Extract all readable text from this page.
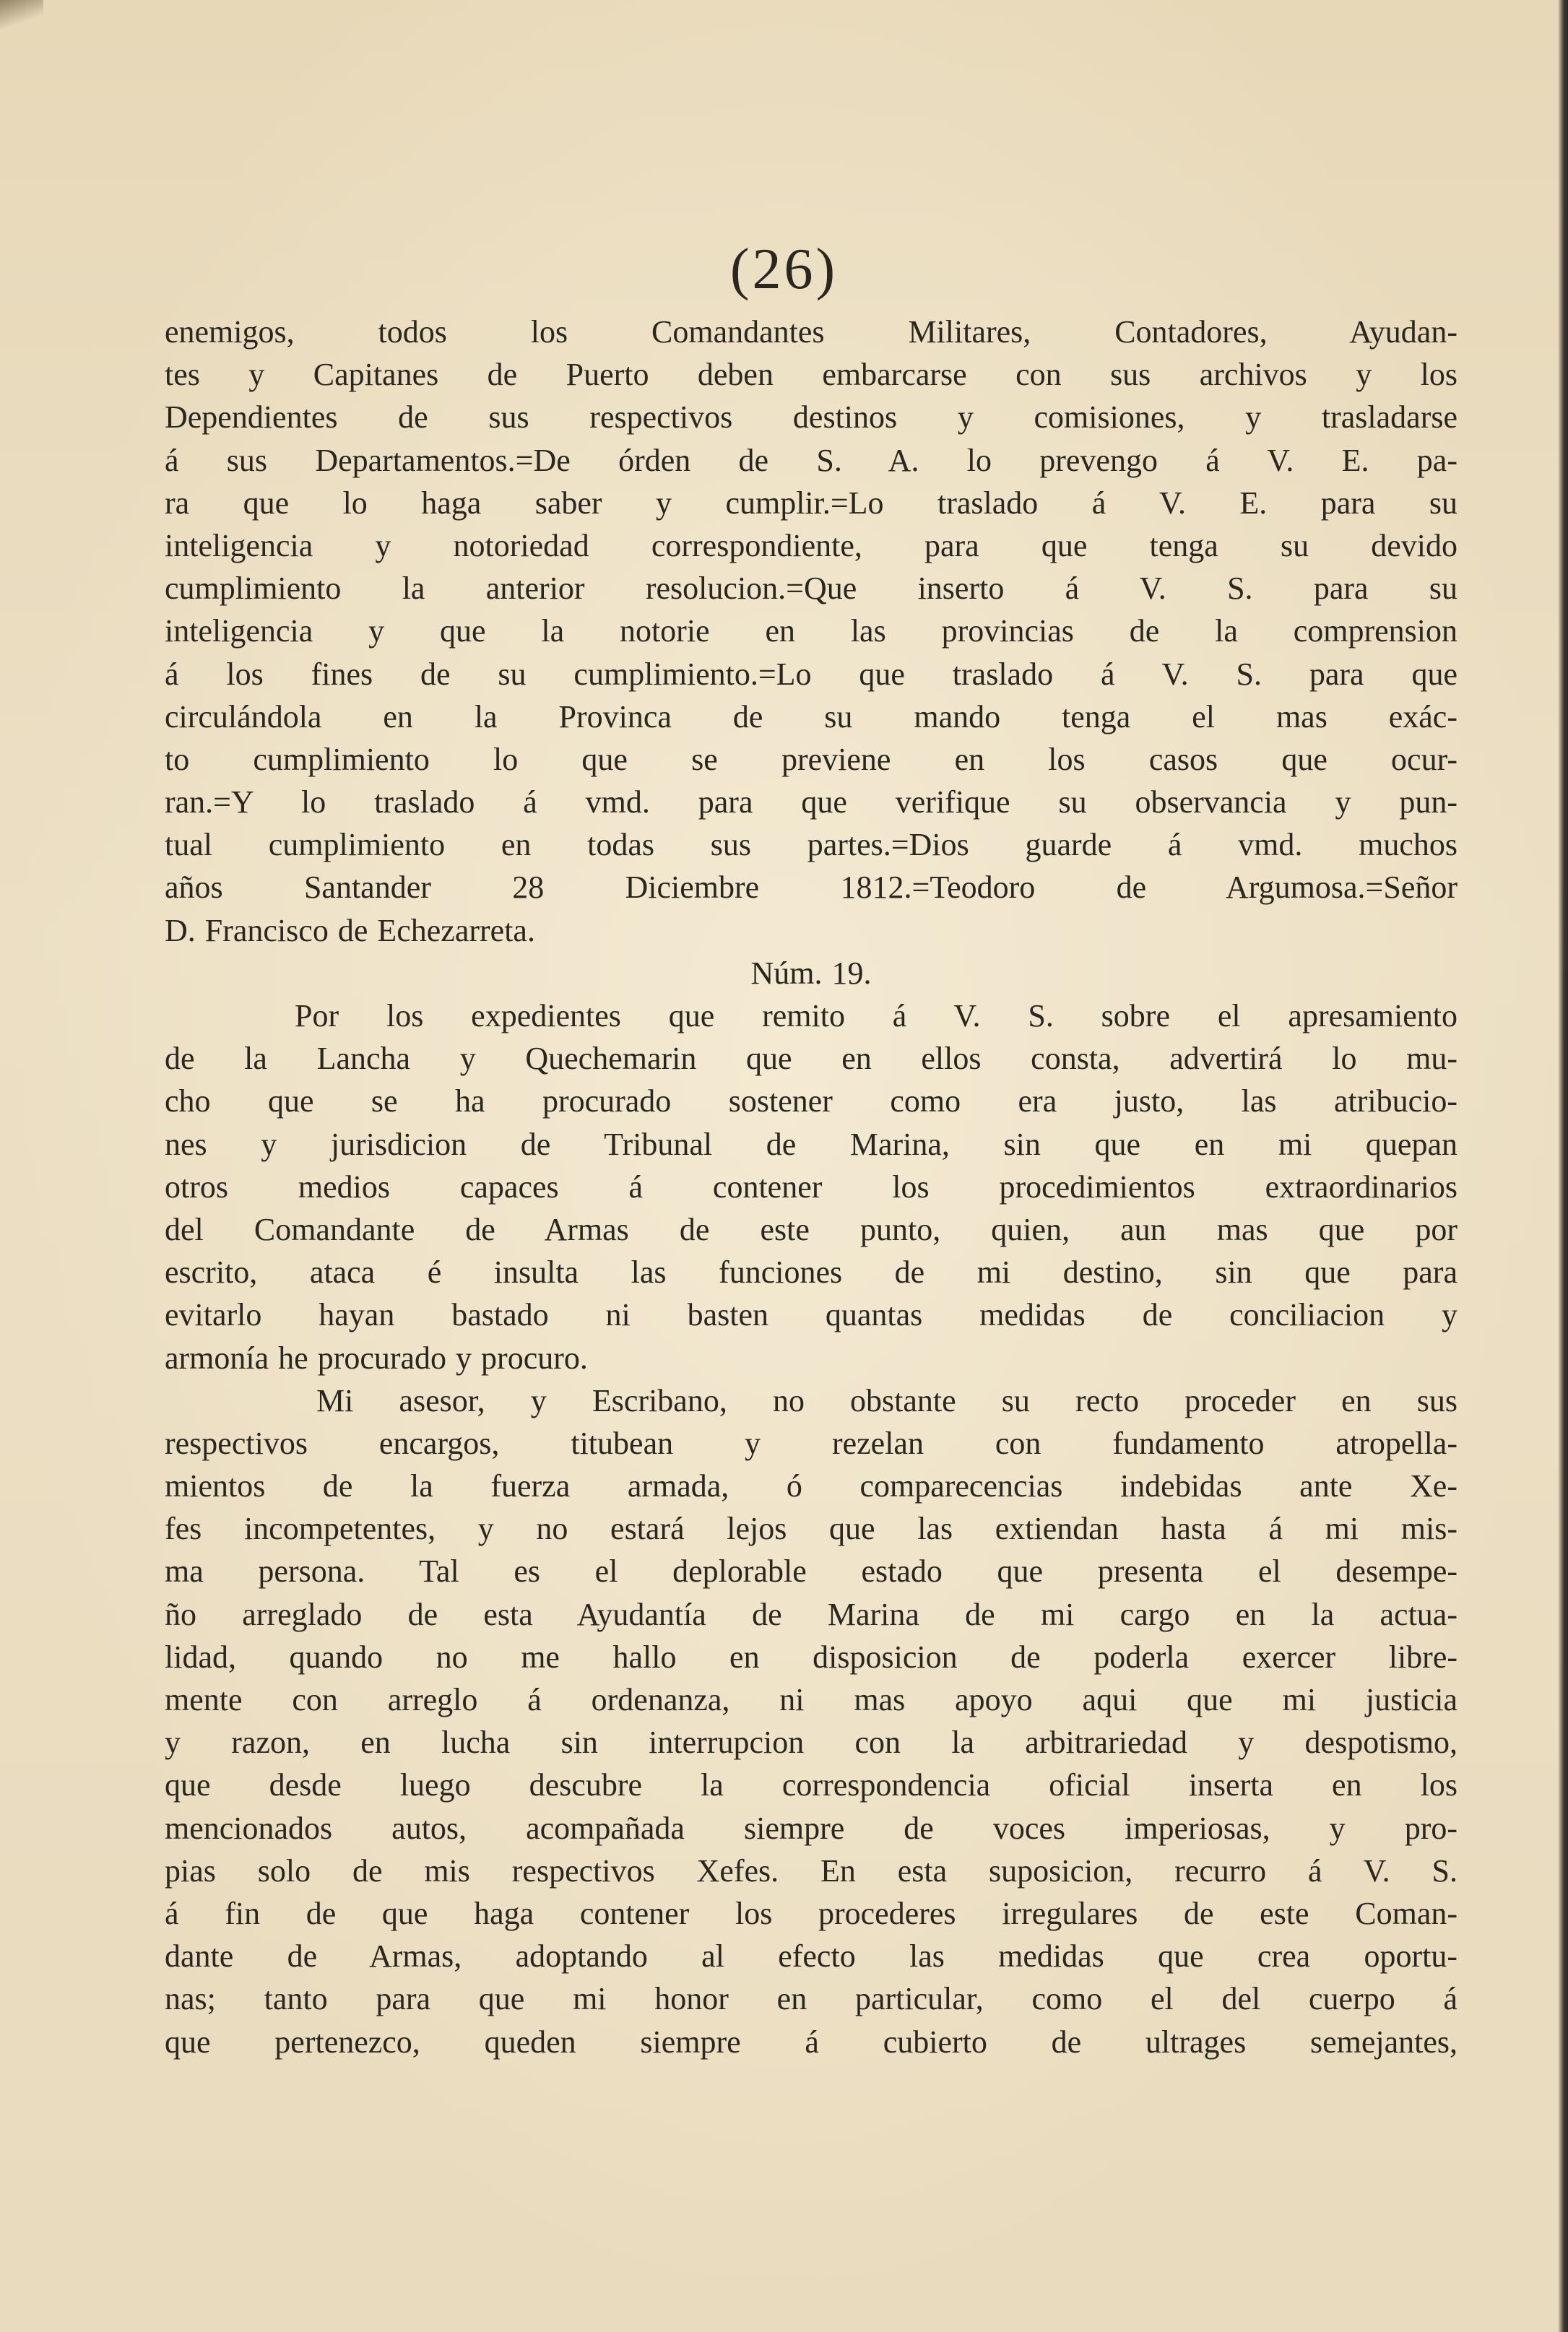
(26)
enemigos, todos los Comandantes Militares, Contadores, Ayudan-
tes y Capitanes de Puerto deben embarcarse con sus archivos y los
Dependientes de sus respectivos destinos y comisiones, y trasladarse
á sus Departamentos.=De órden de S. A. lo prevengo á V. E. pa-
ra que lo haga saber y cumplir.=Lo traslado á V. E. para su
inteligencia y notoriedad correspondiente, para que tenga su devido
cumplimiento la anterior resolucion.=Que inserto á V. S. para su
inteligencia y que la notorie en las provincias de la comprension
á los fines de su cumplimiento.=Lo que traslado á V. S. para que
circulándola en la Provinca de su mando tenga el mas exác-
to cumplimiento lo que se previene en los casos que ocur-
ran.=Y lo traslado á vmd. para que verifique su observancia y pun-
tual cumplimiento en todas sus partes.=Dios guarde á vmd. muchos
años Santander 28 Diciembre 1812.=Teodoro de Argumosa.=Señor
D. Francisco de Echezarreta.
Núm. 19.
Por los expedientes que remito á V. S. sobre el apresamiento
de la Lancha y Quechemarin que en ellos consta, advertirá lo mu-
cho que se ha procurado sostener como era justo, las atribucio-
nes y jurisdicion de Tribunal de Marina, sin que en mi quepan
otros medios capaces á contener los procedimientos extraordinarios
del Comandante de Armas de este punto, quien, aun mas que por
escrito, ataca é insulta las funciones de mi destino, sin que para
evitarlo hayan bastado ni basten quantas medidas de conciliacion y
armonía he procurado y procuro.
Mi asesor, y Escribano, no obstante su recto proceder en sus
respectivos encargos, titubean y rezelan con fundamento atropella-
mientos de la fuerza armada, ó comparecencias indebidas ante Xe-
fes incompetentes, y no estará lejos que las extiendan hasta á mi mis-
ma persona. Tal es el deplorable estado que presenta el desempe-
ño arreglado de esta Ayudantía de Marina de mi cargo en la actua-
lidad, quando no me hallo en disposicion de poderla exercer libre-
mente con arreglo á ordenanza, ni mas apoyo aqui que mi justicia
y razon, en lucha sin interrupcion con la arbitrariedad y despotismo,
que desde luego descubre la correspondencia oficial inserta en los
mencionados autos, acompañada siempre de voces imperiosas, y pro-
pias solo de mis respectivos Xefes. En esta suposicion, recurro á V. S.
á fin de que haga contener los procederes irregulares de este Coman-
dante de Armas, adoptando al efecto las medidas que crea oportu-
nas; tanto para que mi honor en particular, como el del cuerpo á
que pertenezco, queden siempre á cubierto de ultrages semejantes,
